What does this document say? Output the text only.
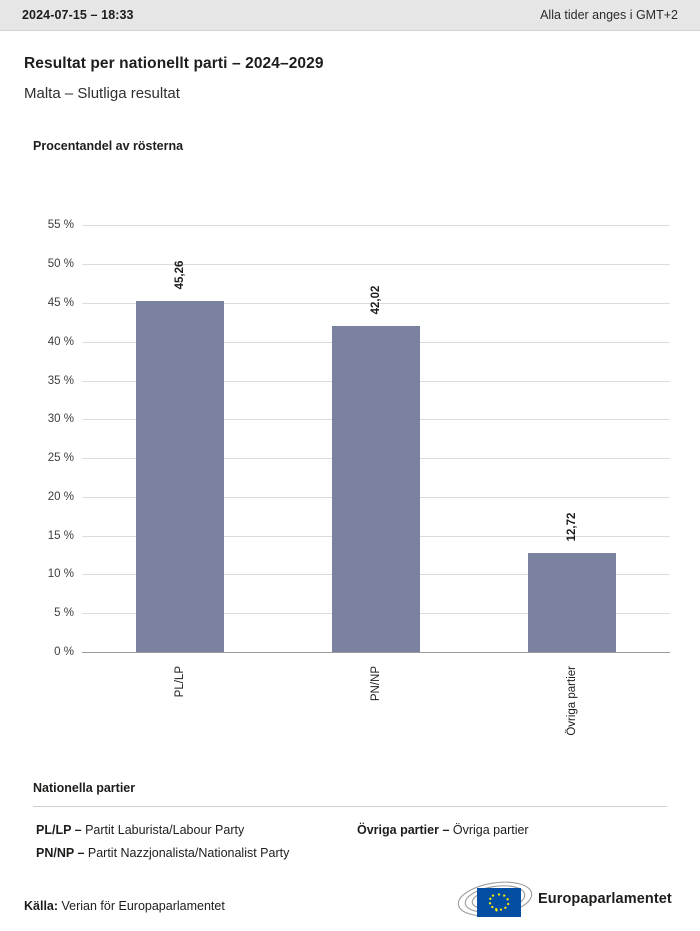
2024-07-15 – 18:33	Alla tider anges i GMT+2
Resultat per nationellt parti – 2024–2029
Malta – Slutliga resultat
Procentandel av rösterna
0 %
5 %
10 %
15 %
20 %
25 %
30 %
35 %
40 %
45 %
50 %
55 %
45,26
PL/LP
42,02
PN/NP
12,72
Övriga partier
Nationella partier
PL/LP – Partit Laburista/Labour Party
PN/NP – Partit Nazzjonalista/Nationalist Party
Övriga partier – Övriga partier
Källa: Verian för Europaparlamentet	Europaparlamentet
